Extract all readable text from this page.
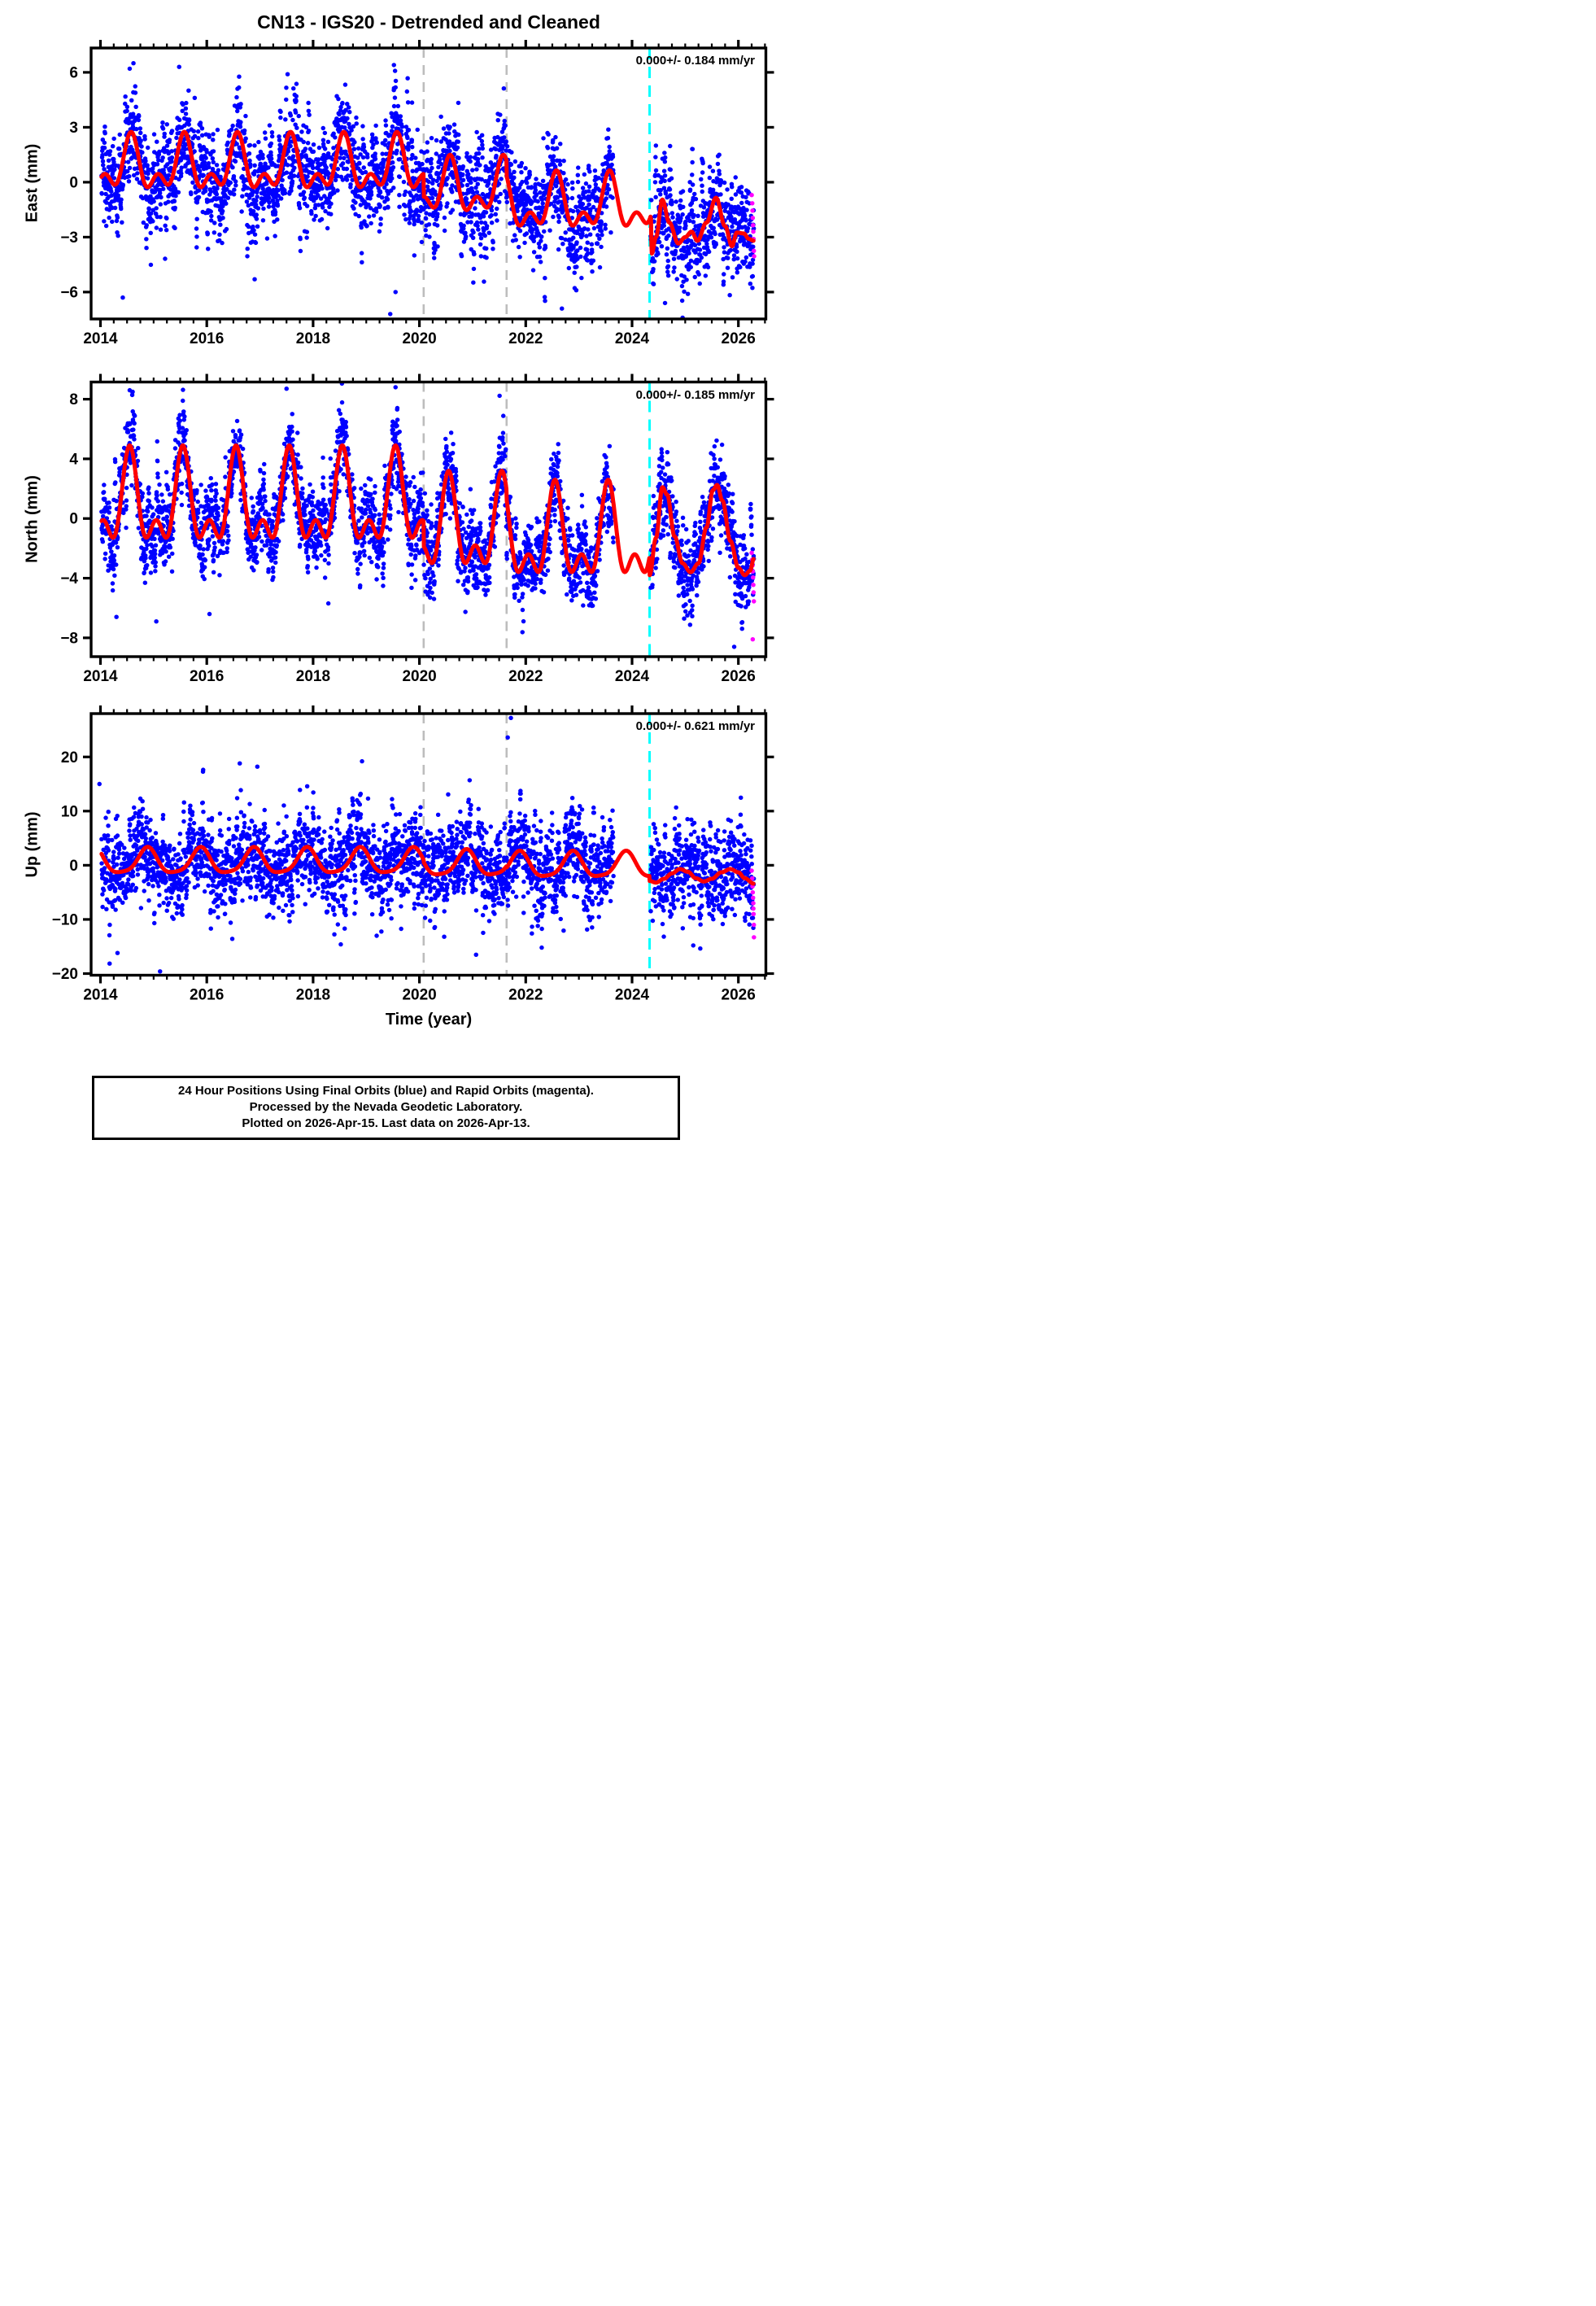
CN13 - IGS20 - Detrended and Cleaned
2014	2016	2018	2020	2022	2024	2026
6
3
0
−3
−6
2014	2016	2018	2020	2022	2024	2026
8
4
0
−4
−8
2014	2016	2018	2020	2022	2024	2026
20
10
0
−10
−20
East (mm)
North (mm)
Up (mm)
0.000+/- 0.184 mm/yr
0.000+/- 0.185 mm/yr
0.000+/- 0.621 mm/yr
Time (year)

24 Hour Positions Using Final Orbits (blue) and Rapid Orbits (magenta).

Processed by the Nevada Geodetic Laboratory.

Plotted on 2026-Apr-15. Last data on 2026-Apr-13.
